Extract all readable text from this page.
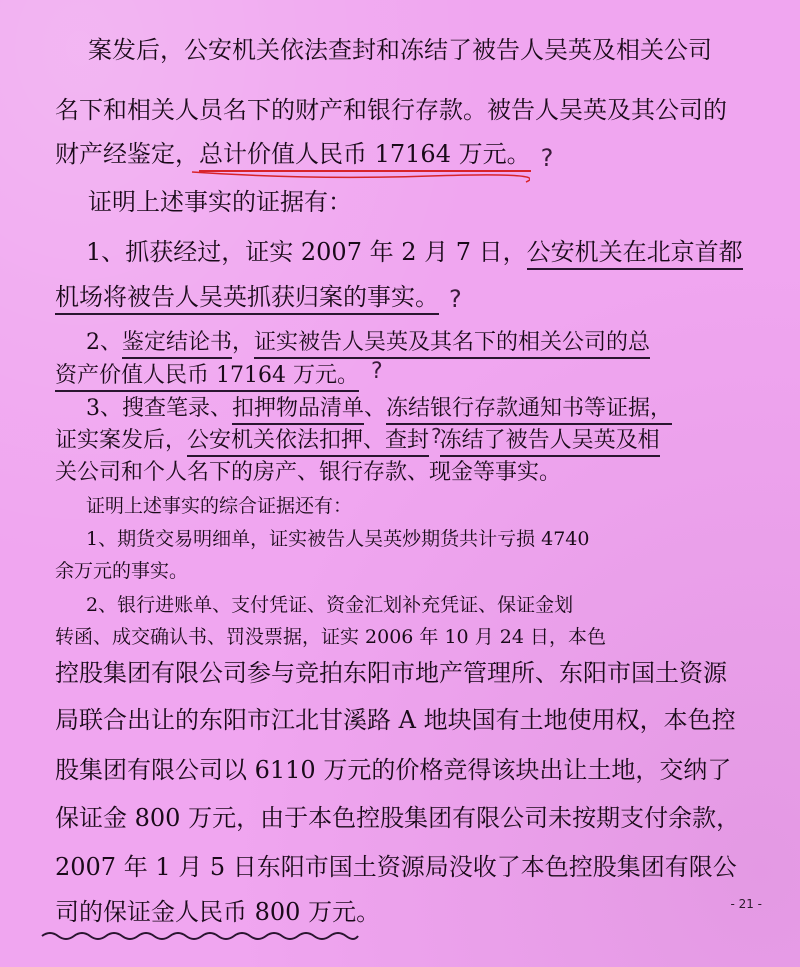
案发后，公安机关依法查封和冻结了被告人吴英及相关公司
名下和相关人员名下的财产和银行存款。被告人吴英及其公司的
财产经鉴定，总计价值人民币 17164 万元。 ?
证明上述事实的证据有：
1、抓获经过，证实 2007 年 2 月 7 日，公安机关在北京首都
机场将被告人吴英抓获归案的事实。 ?
2、鉴定结论书，证实被告人吴英及其名下的相关公司的总
资产价值人民币 17164 万元。 ?
3、搜查笔录、扣押物品清单、冻结银行存款通知书等证据，
证实案发后，公安机关依法扣押、查封 ?冻结了被告人吴英及相
关公司和个人名下的房产、银行存款、现金等事实。
证明上述事实的综合证据还有：
1、期货交易明细单，证实被告人吴英炒期货共计亏损 4740
余万元的事实。
2、银行进账单、支付凭证、资金汇划补充凭证、保证金划
转函、成交确认书、罚没票据，证实 2006 年 10 月 24 日，本色
控股集团有限公司参与竞拍东阳市地产管理所、东阳市国土资源
局联合出让的东阳市江北甘溪路 A 地块国有土地使用权，本色控
股集团有限公司以 6110 万元的价格竞得该块出让土地，交纳了
保证金 800 万元，由于本色控股集团有限公司未按期支付余款，
2007 年 1 月 5 日东阳市国土资源局没收了本色控股集团有限公
司的保证金人民币 800 万元。	- 21 -
